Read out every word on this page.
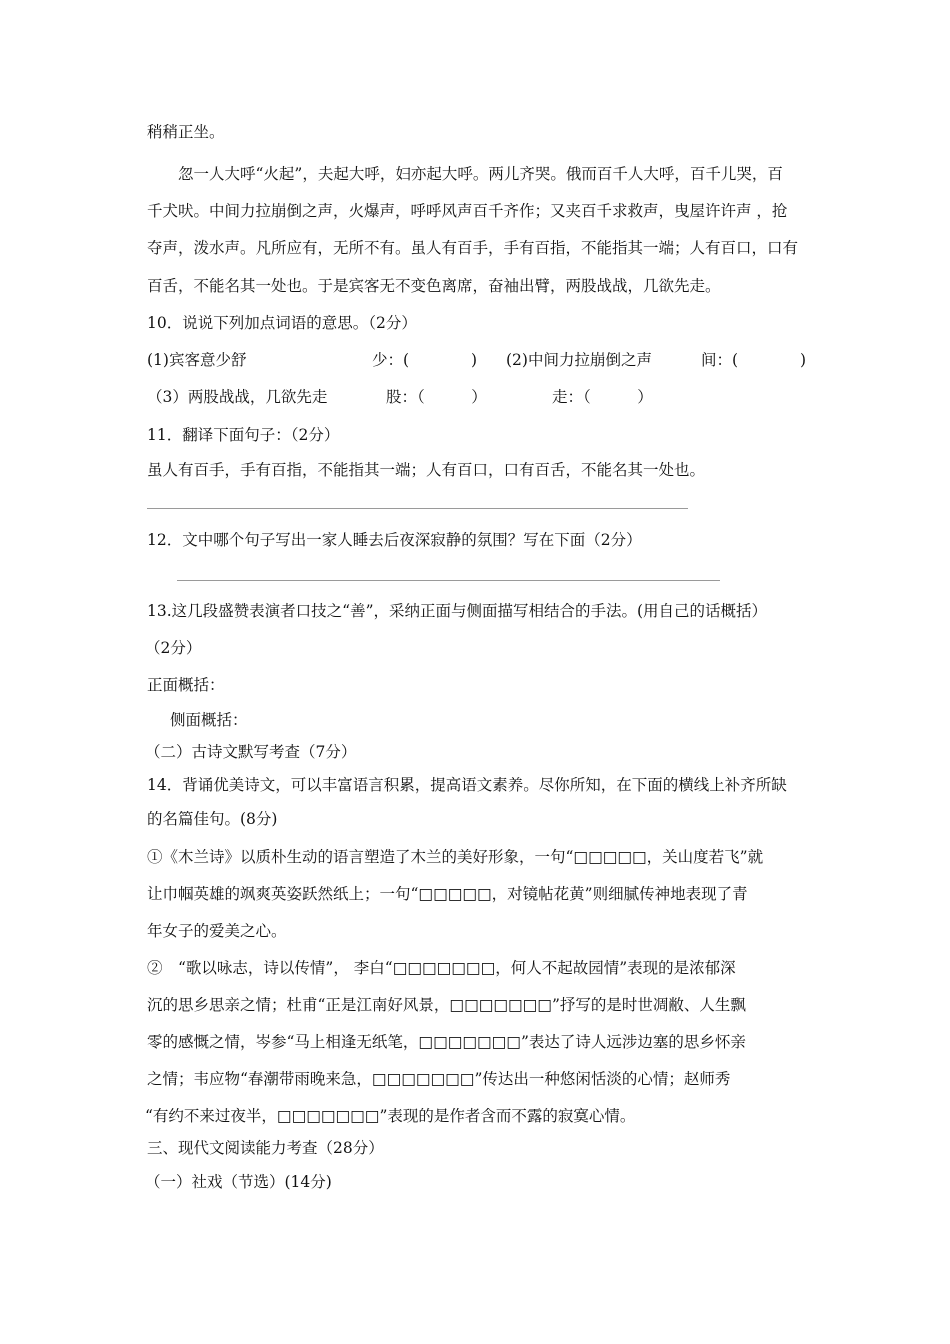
稍稍正坐。
忽一人大呼“火起”，夫起大呼，妇亦起大呼。两儿齐哭。俄而百千人大呼，百千儿哭，百
千犬吠。中间力拉崩倒之声，火爆声，呼呼风声百千齐作；又夹百千求救声，曳屋许许声 ，抢
夺声，泼水声。凡所应有，无所不有。虽人有百手，手有百指，不能指其一端；人有百口，口有
百舌，不能名其一处也。于是宾客无不变色离席，奋袖出臂，两股战战，几欲先走。
10．说说下列加点词语的意思。（2分）
(1)宾客意少舒	少：(　　　　) (2)中间力拉崩倒之声	间：(　　　　)
（3）两股战战，几欲先走	股：（　　　）	走：（　　　）
11．翻译下面句子：（2分）
虽人有百手，手有百指，不能指其一端；人有百口，口有百舌，不能名其一处也。
12．文中哪个句子写出一家人睡去后夜深寂静的氛围？写在下面（2分）
13.这几段盛赞表演者口技之“善”，采纳正面与侧面描写相结合的手法。(用自己的话概括）
（2分）
正面概括：
侧面概括：
（二）古诗文默写考查（7分）
14．背诵优美诗文，可以丰富语言积累，提高语文素养。尽你所知，在下面的横线上补齐所缺
的名篇佳句。(8分)
①《木兰诗》以质朴生动的语言塑造了木兰的美好形象，一句“□□□□□，关山度若飞”就
让巾帼英雄的飒爽英姿跃然纸上；一句“□□□□□，对镜帖花黄”则细腻传神地表现了青
年女子的爱美之心。
②　“歌以咏志，诗以传情”， 李白“□□□□□□□，何人不起故园情”表现的是浓郁深
沉的思乡思亲之情；杜甫“正是江南好风景，□□□□□□□”抒写的是时世凋敝、人生飘
零的感慨之情，岑参“马上相逢无纸笔，□□□□□□□”表达了诗人远涉边塞的思乡怀亲
之情；韦应物“春潮带雨晚来急，□□□□□□□”传达出一种悠闲恬淡的心情；赵师秀
“有约不来过夜半，□□□□□□□”表现的是作者含而不露的寂寞心情。
三、现代文阅读能力考查（28分）
（一）社戏（节选）(14分)
